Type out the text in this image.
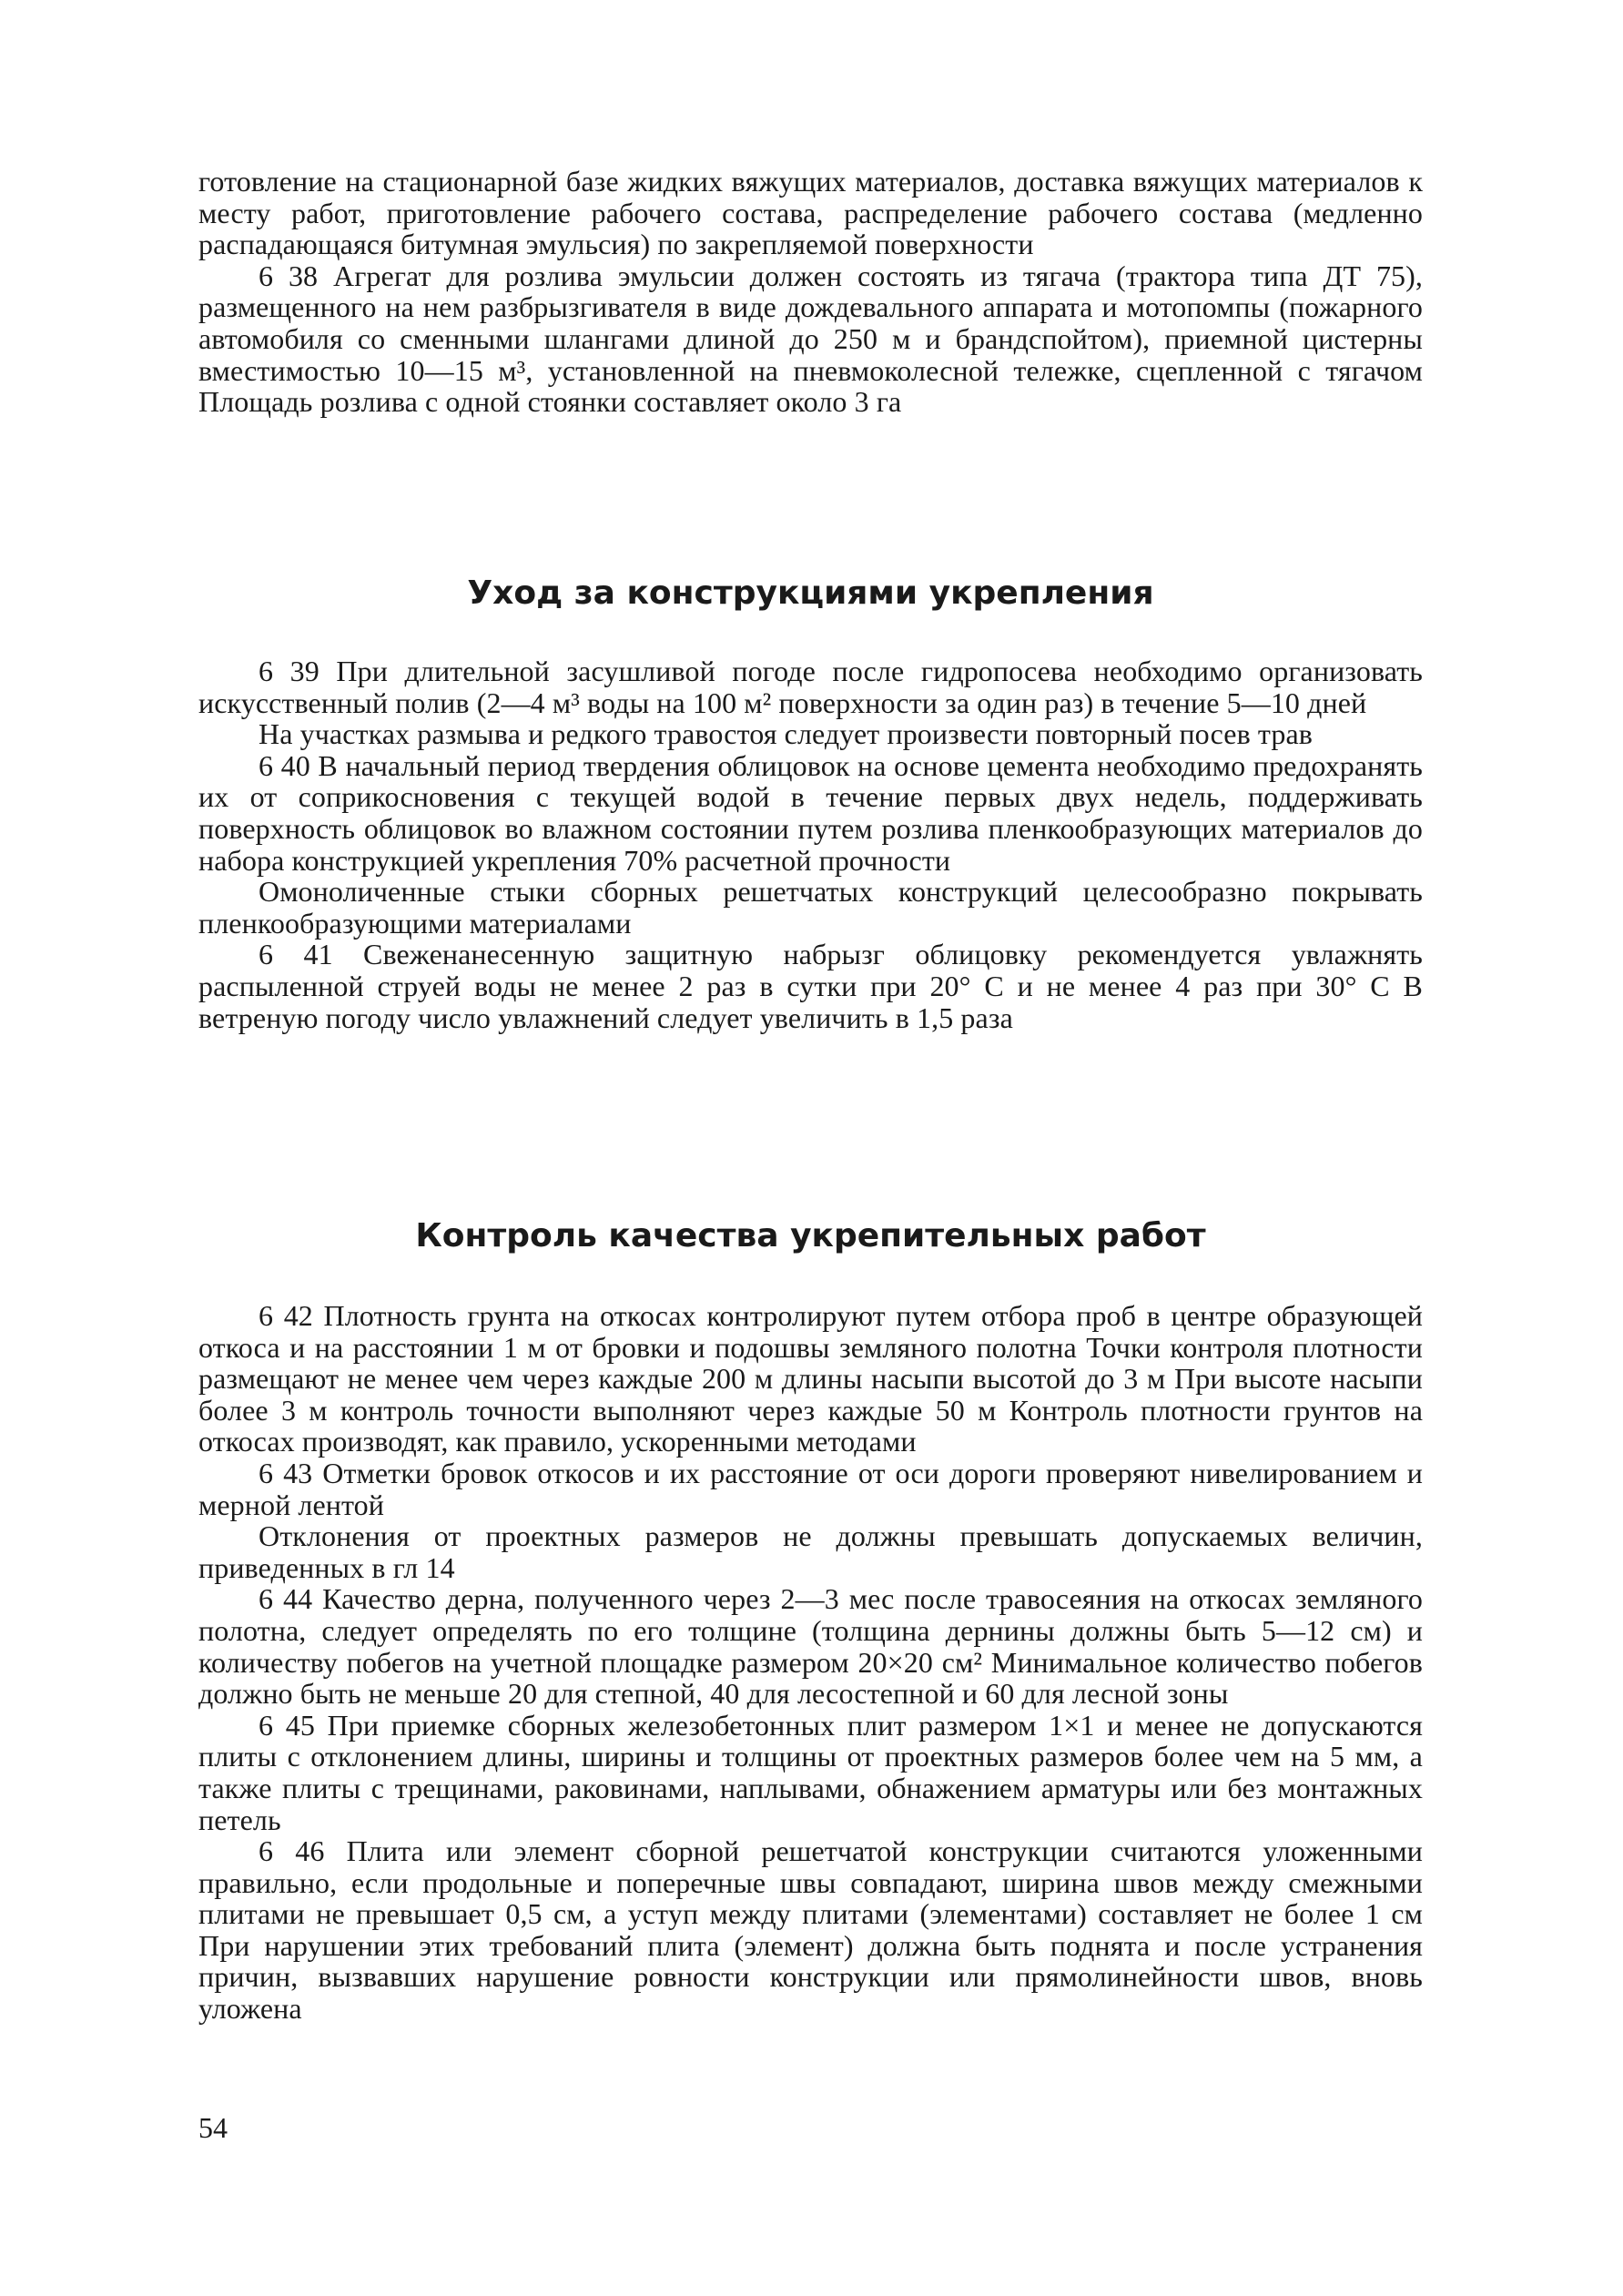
готовление на стационарной базе жидких вяжущих материалов, доставка вяжущих материалов к месту работ, приготовление рабочего состава, распределение рабочего состава (медленно распадающаяся битумная эмульсия) по закрепляемой поверхности

6 38 Агрегат для розлива эмульсии должен состоять из тягача (трактора типа ДТ 75), размещенного на нем разбрызгивателя в виде дождевального аппарата и мотопомпы (пожарного автомобиля со сменными шлангами длиной до 250 м и брандспойтом), приемной цистерны вместимостью 10—15 м³, установленной на пневмоколесной тележке, сцепленной с тягачом Площадь розлива с одной стоянки составляет около 3 га

Уход за конструкциями укрепления

6 39 При длительной засушливой погоде после гидропосева необходимо организовать искусственный полив (2—4 м³ воды на 100 м² поверхности за один раз) в течение 5—10 дней

На участках размыва и редкого травостоя следует произвести повторный посев трав

6 40 В начальный период твердения облицовок на основе цемента необходимо предохранять их от соприкосновения с текущей водой в течение первых двух недель, поддерживать поверхность облицовок во влажном состоянии путем розлива пленкообразующих материалов до набора конструкцией укрепления 70% расчетной прочности

Омоноличенные стыки сборных решетчатых конструкций целесообразно покрывать пленкообразующими материалами

6 41 Свеженанесенную защитную набрызг облицовку рекомендуется увлажнять распыленной струей воды не менее 2 раз в сутки при 20° С и не менее 4 раз при 30° С В ветреную погоду число увлажнений следует увеличить в 1,5 раза

Контроль качества укрепительных работ

6 42 Плотность грунта на откосах контролируют путем отбора проб в центре образующей откоса и на расстоянии 1 м от бровки и подошвы земляного полотна Точки контроля плотности размещают не менее чем через каждые 200 м длины насыпи высотой до 3 м При высоте насыпи более 3 м контроль точности выполняют через каждые 50 м Контроль плотности грунтов на откосах производят, как правило, ускоренными методами

6 43 Отметки бровок откосов и их расстояние от оси дороги проверяют нивелированием и мерной лентой

Отклонения от проектных размеров не должны превышать допускаемых величин, приведенных в гл 14

6 44 Качество дерна, полученного через 2—3 мес после травосеяния на откосах земляного полотна, следует определять по его толщине (толщина дернины должны быть 5—12 см) и количеству побегов на учетной площадке размером 20×20 см² Минимальное количество побегов должно быть не меньше 20 для степной, 40 для лесостепной и 60 для лесной зоны

6 45 При приемке сборных железобетонных плит размером 1×1 и менее не допускаются плиты с отклонением длины, ширины и толщины от проектных размеров более чем на 5 мм, а также плиты с трещинами, раковинами, наплывами, обнажением арматуры или без монтажных петель

6 46 Плита или элемент сборной решетчатой конструкции считаются уложенными правильно, если продольные и поперечные швы совпадают, ширина швов между смежными плитами не превышает 0,5 см, а уступ между плитами (элементами) составляет не более 1 см При нарушении этих требований плита (элемент) должна быть поднята и после устранения причин, вызвавших нарушение ровности конструкции или прямолинейности швов, вновь уложена

54
